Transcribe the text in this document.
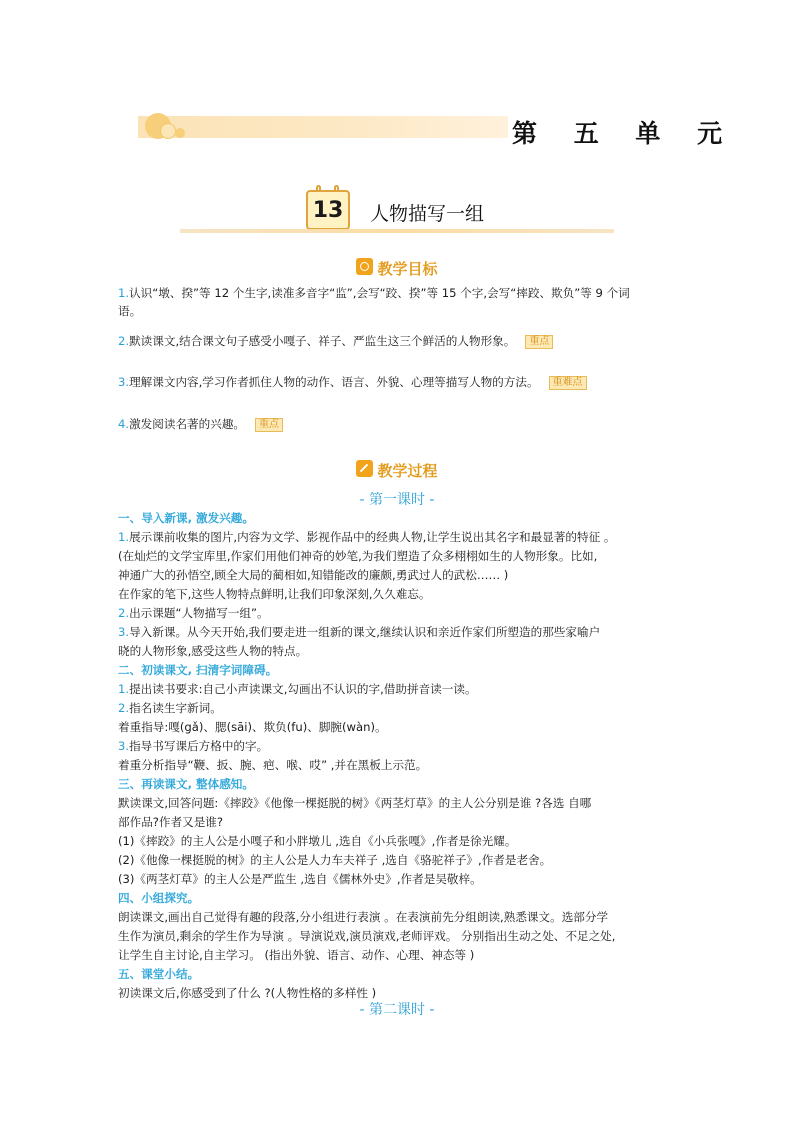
第 五 单 元
13	人物描写一组
教学目标
1.认识“墩、揆”等 12 个生字,读准多音字“监”,会写“跤、揆”等 15 个字,会写“摔跤、欺负”等 9 个词
语。
2.默读课文,结合课文句子感受小嘎子、祥子、严监生这三个鲜活的人物形象。 重点
3.理解课文内容,学习作者抓住人物的动作、语言、外貌、心理等描写人物的方法。 重难点
4.激发阅读名著的兴趣。 重点
教学过程
- 第一课时 -

一、导入新课, 激发兴趣。

1.展示课前收集的图片,内容为文学、影视作品中的经典人物,让学生说出其名字和最显著的特征 。

(在灿烂的文学宝库里,作家们用他们神奇的妙笔,为我们塑造了众多栩栩如生的人物形象。比如,

神通广大的孙悟空,顾全大局的蔺相如,知错能改的廉颇,勇武过人的武松…… )

在作家的笔下,这些人物特点鲜明,让我们印象深刻,久久难忘。

2.出示课题“人物描写一组”。

3.导入新课。从今天开始,我们要走进一组新的课文,继续认识和亲近作家们所塑造的那些家喻户

晓的人物形象,感受这些人物的特点。

二、初读课文, 扫清字词障碍。

1.提出读书要求:自己小声读课文,勾画出不认识的字,借助拼音读一读。

2.指名读生字新词。

着重指导:嘎(gǎ)、腮(sāi)、欺负(fu)、脚腕(wàn)。

3.指导书写课后方格中的字。

着重分析指导“鞭、扳、腕、疤、喉、哎” ,并在黑板上示范。

三、再读课文, 整体感知。

默读课文,回答问题:《摔跤》《他像一棵挺脱的树》《两茎灯草》的主人公分别是谁 ?各选 自哪

部作品?作者又是谁?

(1)《摔跤》的主人公是小嘎子和小胖墩儿 ,选自《小兵张嘎》,作者是徐光耀。

(2)《他像一棵挺脱的树》的主人公是人力车夫祥子 ,选自《骆驼祥子》,作者是老舍。

(3)《两茎灯草》的主人公是严监生 ,选自《儒林外史》,作者是吴敬梓。

四、小组探究。

朗读课文,画出自己觉得有趣的段落,分小组进行表演 。在表演前先分组朗读,熟悉课文。选部分学

生作为演员,剩余的学生作为导演 。导演说戏,演员演戏,老师评戏。 分别指出生动之处、不足之处,

让学生自主讨论,自主学习。 (指出外貌、语言、动作、心理、神态等 )

五、课堂小结。

初读课文后,你感受到了什么 ?(人物性格的多样性 )

- 第二课时 -
